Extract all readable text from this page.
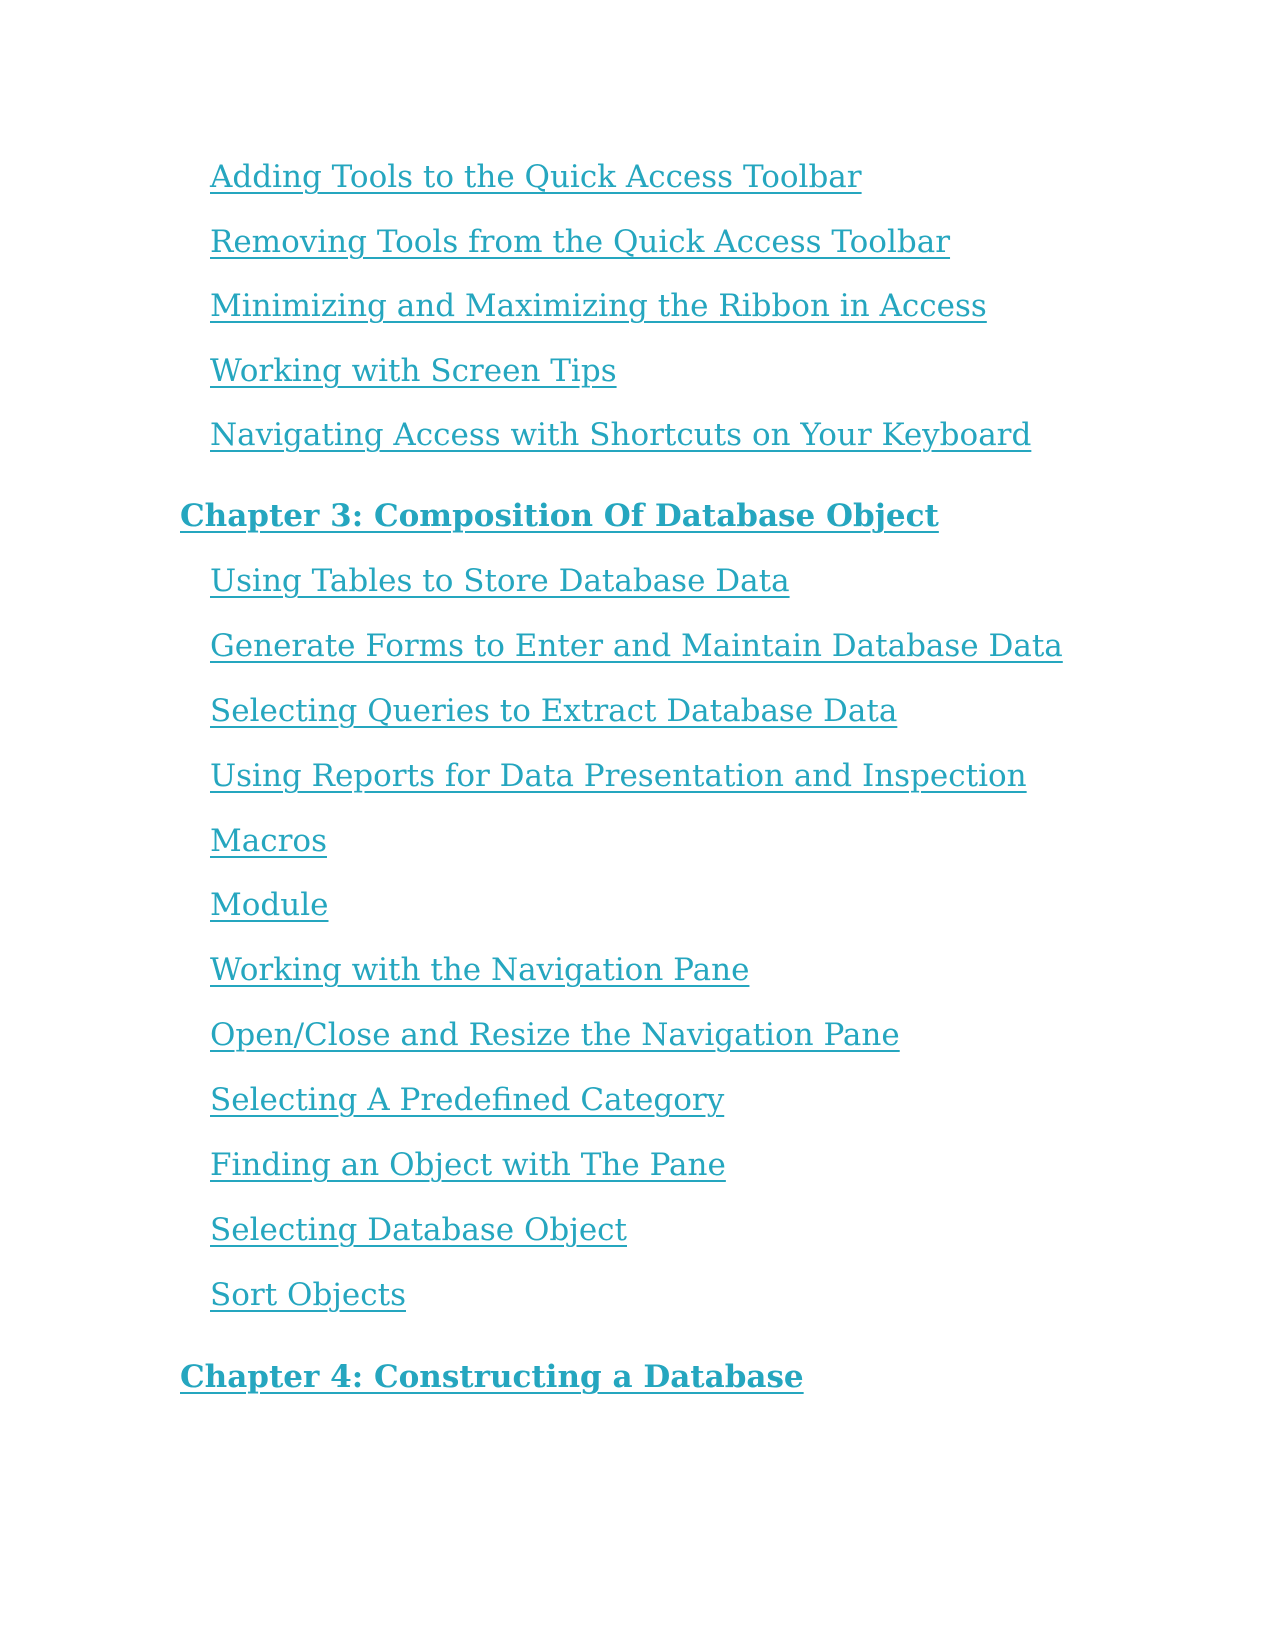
Adding Tools to the Quick Access Toolbar
Removing Tools from the Quick Access Toolbar
Minimizing and Maximizing the Ribbon in Access
Working with Screen Tips
Navigating Access with Shortcuts on Your Keyboard
Chapter 3: Composition Of Database Object
Using Tables to Store Database Data
Generate Forms to Enter and Maintain Database Data
Selecting Queries to Extract Database Data
Using Reports for Data Presentation and Inspection
Macros
Module
Working with the Navigation Pane
Open/Close and Resize the Navigation Pane
Selecting A Predefined Category
Finding an Object with The Pane
Selecting Database Object
Sort Objects
Chapter 4: Constructing a Database
